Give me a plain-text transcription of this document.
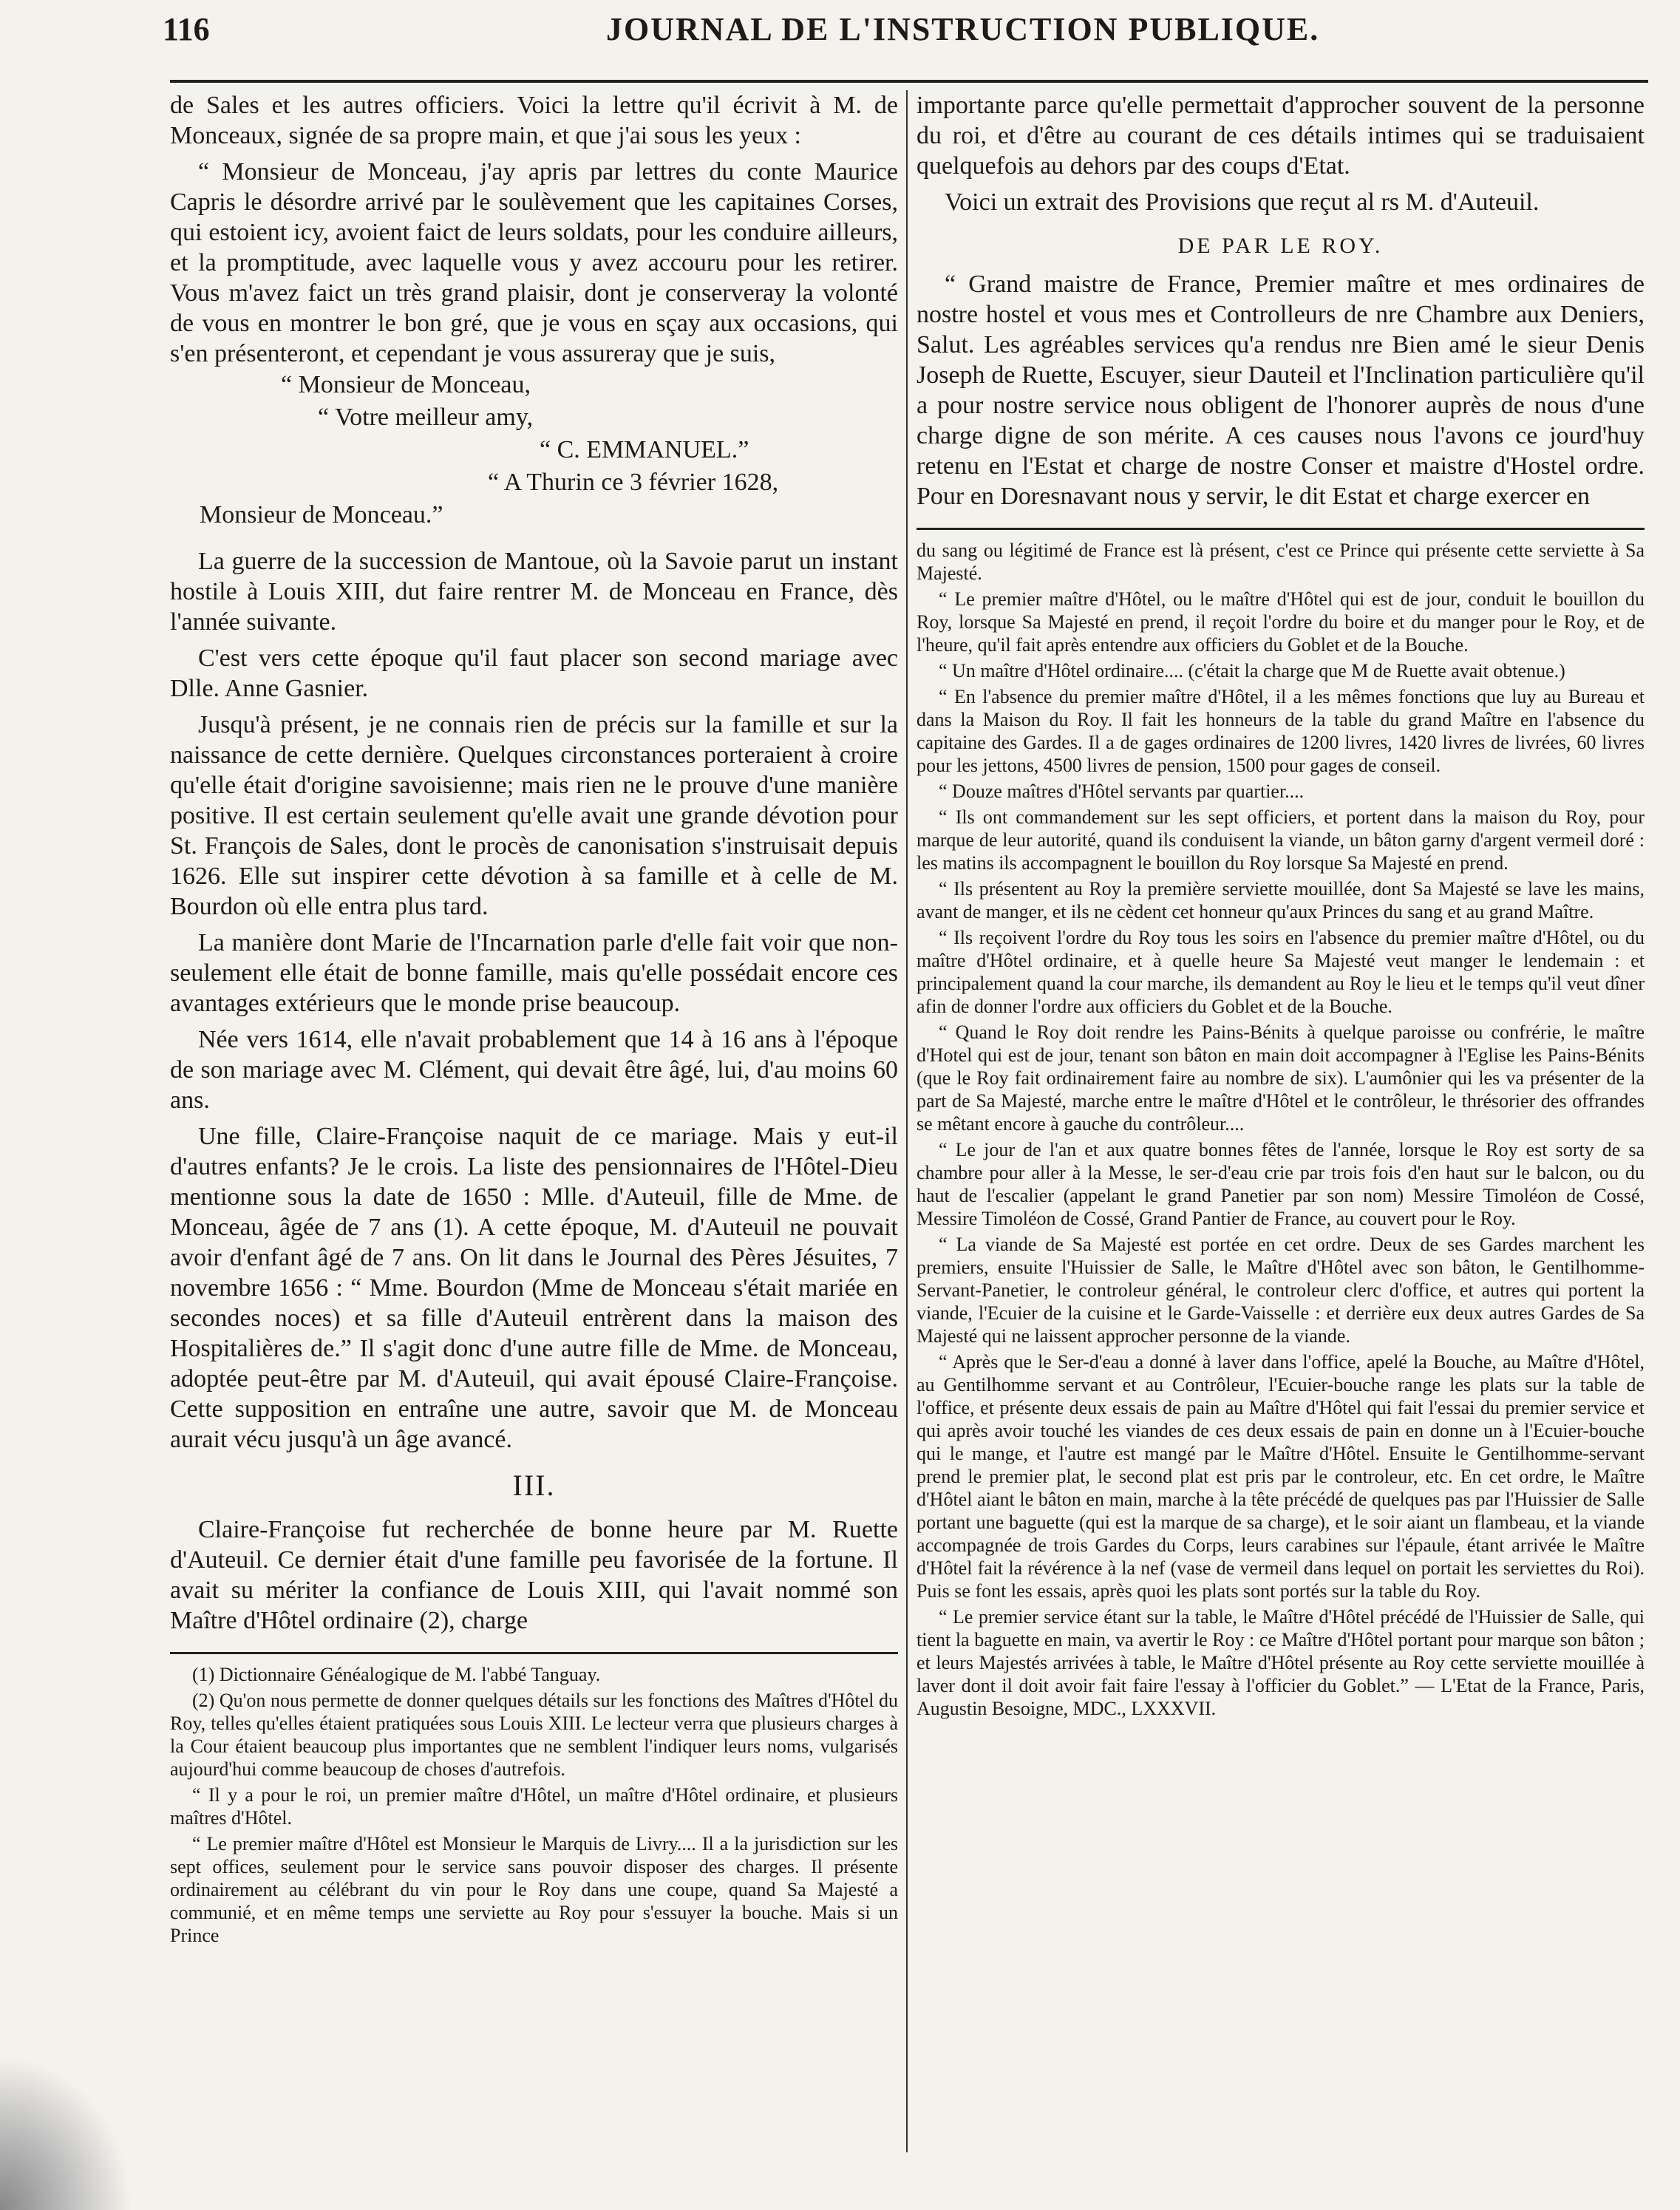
116	JOURNAL DE L'INSTRUCTION PUBLIQUE.

de Sales et les autres officiers. Voici la lettre qu'il écrivit à M. de Monceaux, signée de sa propre main, et que j'ai sous les yeux :

“ Monsieur de Monceau, j'ay apris par lettres du conte Maurice Capris le désordre arrivé par le soulèvement que les capitaines Corses, qui estoient icy, avoient faict de leurs soldats, pour les conduire ailleurs, et la promptitude, avec laquelle vous y avez accouru pour les retirer. Vous m'avez faict un très grand plaisir, dont je conserveray la volonté de vous en montrer le bon gré, que je vous en sçay aux occasions, qui s'en présenteront, et cependant je vous assureray que je suis,

“ Monsieur de Monceau,

“ Votre meilleur amy,

“ C. EMMANUEL.”

“ A Thurin ce 3 février 1628,

Monsieur de Monceau.”

La guerre de la succession de Mantoue, où la Savoie parut un instant hostile à Louis XIII, dut faire rentrer M. de Monceau en France, dès l'année suivante.

C'est vers cette époque qu'il faut placer son second mariage avec Dlle. Anne Gasnier.

Jusqu'à présent, je ne connais rien de précis sur la famille et sur la naissance de cette dernière. Quelques circonstances porteraient à croire qu'elle était d'origine savoisienne; mais rien ne le prouve d'une manière positive. Il est certain seulement qu'elle avait une grande dévotion pour St. François de Sales, dont le procès de canonisation s'instruisait depuis 1626. Elle sut inspirer cette dévotion à sa famille et à celle de M. Bourdon où elle entra plus tard.

La manière dont Marie de l'Incarnation parle d'elle fait voir que non-seulement elle était de bonne famille, mais qu'elle possédait encore ces avantages extérieurs que le monde prise beaucoup.

Née vers 1614, elle n'avait probablement que 14 à 16 ans à l'époque de son mariage avec M. Clément, qui devait être âgé, lui, d'au moins 60 ans.

Une fille, Claire-Françoise naquit de ce mariage. Mais y eut-il d'autres enfants? Je le crois. La liste des pensionnaires de l'Hôtel-Dieu mentionne sous la date de 1650 : Mlle. d'Auteuil, fille de Mme. de Monceau, âgée de 7 ans (1). A cette époque, M. d'Auteuil ne pouvait avoir d'enfant âgé de 7 ans. On lit dans le Journal des Pères Jésuites, 7 novembre 1656 : “ Mme. Bourdon (Mme de Monceau s'était mariée en secondes noces) et sa fille d'Auteuil entrèrent dans la maison des Hospitalières de.” Il s'agit donc d'une autre fille de Mme. de Monceau, adoptée peut-être par M. d'Auteuil, qui avait épousé Claire-Françoise. Cette supposition en entraîne une autre, savoir que M. de Monceau aurait vécu jusqu'à un âge avancé.

III.

Claire-Françoise fut recherchée de bonne heure par M. Ruette d'Auteuil. Ce dernier était d'une famille peu favorisée de la fortune. Il avait su mériter la confiance de Louis XIII, qui l'avait nommé son Maître d'Hôtel ordinaire (2), charge

(1) Dictionnaire Généalogique de M. l'abbé Tanguay.

(2) Qu'on nous permette de donner quelques détails sur les fonctions des Maîtres d'Hôtel du Roy, telles qu'elles étaient pratiquées sous Louis XIII. Le lecteur verra que plusieurs charges à la Cour étaient beaucoup plus importantes que ne semblent l'indiquer leurs noms, vulgarisés aujourd'hui comme beaucoup de choses d'autrefois.

“ Il y a pour le roi, un premier maître d'Hôtel, un maître d'Hôtel ordinaire, et plusieurs maîtres d'Hôtel.

“ Le premier maître d'Hôtel est Monsieur le Marquis de Livry.... Il a la jurisdiction sur les sept offices, seulement pour le service sans pouvoir disposer des charges. Il présente ordinairement au célébrant du vin pour le Roy dans une coupe, quand Sa Majesté a communié, et en même temps une serviette au Roy pour s'essuyer la bouche. Mais si un Prince

importante parce qu'elle permettait d'approcher souvent de la personne du roi, et d'être au courant de ces détails intimes qui se traduisaient quelquefois au dehors par des coups d'Etat.

Voici un extrait des Provisions que reçut al rs M. d'Auteuil.

DE PAR LE ROY.

“ Grand maistre de France, Premier maître et mes ordinaires de nostre hostel et vous mes et Controlleurs de nre Chambre aux Deniers, Salut. Les agréables services qu'a rendus nre Bien amé le sieur Denis Joseph de Ruette, Escuyer, sieur Dauteil et l'Inclination particulière qu'il a pour nostre service nous obligent de l'honorer auprès de nous d'une charge digne de son mérite. A ces causes nous l'avons ce jourd'huy retenu en l'Estat et charge de nostre Conser et maistre d'Hostel ordre. Pour en Doresnavant nous y servir, le dit Estat et charge exercer en

du sang ou légitimé de France est là présent, c'est ce Prince qui présente cette serviette à Sa Majesté.

“ Le premier maître d'Hôtel, ou le maître d'Hôtel qui est de jour, conduit le bouillon du Roy, lorsque Sa Majesté en prend, il reçoit l'ordre du boire et du manger pour le Roy, et de l'heure, qu'il fait après entendre aux officiers du Goblet et de la Bouche.

“ Un maître d'Hôtel ordinaire.... (c'était la charge que M de Ruette avait obtenue.)

“ En l'absence du premier maître d'Hôtel, il a les mêmes fonctions que luy au Bureau et dans la Maison du Roy. Il fait les honneurs de la table du grand Maître en l'absence du capitaine des Gardes. Il a de gages ordinaires de 1200 livres, 1420 livres de livrées, 60 livres pour les jettons, 4500 livres de pension, 1500 pour gages de conseil.

“ Douze maîtres d'Hôtel servants par quartier....

“ Ils ont commandement sur les sept officiers, et portent dans la maison du Roy, pour marque de leur autorité, quand ils conduisent la viande, un bâton garny d'argent vermeil doré : les matins ils accompagnent le bouillon du Roy lorsque Sa Majesté en prend.

“ Ils présentent au Roy la première serviette mouillée, dont Sa Majesté se lave les mains, avant de manger, et ils ne cèdent cet honneur qu'aux Princes du sang et au grand Maître.

“ Ils reçoivent l'ordre du Roy tous les soirs en l'absence du premier maître d'Hôtel, ou du maître d'Hôtel ordinaire, et à quelle heure Sa Majesté veut manger le lendemain : et principalement quand la cour marche, ils demandent au Roy le lieu et le temps qu'il veut dîner afin de donner l'ordre aux officiers du Goblet et de la Bouche.

“ Quand le Roy doit rendre les Pains-Bénits à quelque paroisse ou confrérie, le maître d'Hotel qui est de jour, tenant son bâton en main doit accompagner à l'Eglise les Pains-Bénits (que le Roy fait ordinairement faire au nombre de six). L'aumônier qui les va présenter de la part de Sa Majesté, marche entre le maître d'Hôtel et le contrôleur, le thrésorier des offrandes se mêtant encore à gauche du contrôleur....

“ Le jour de l'an et aux quatre bonnes fêtes de l'année, lorsque le Roy est sorty de sa chambre pour aller à la Messe, le ser-d'eau crie par trois fois d'en haut sur le balcon, ou du haut de l'escalier (appelant le grand Panetier par son nom) Messire Timoléon de Cossé, Messire Timoléon de Cossé, Grand Pantier de France, au couvert pour le Roy.

“ La viande de Sa Majesté est portée en cet ordre. Deux de ses Gardes marchent les premiers, ensuite l'Huissier de Salle, le Maître d'Hôtel avec son bâton, le Gentilhomme-Servant-Panetier, le controleur général, le controleur clerc d'office, et autres qui portent la viande, l'Ecuier de la cuisine et le Garde-Vaisselle : et derrière eux deux autres Gardes de Sa Majesté qui ne laissent approcher personne de la viande.

“ Après que le Ser-d'eau a donné à laver dans l'office, apelé la Bouche, au Maître d'Hôtel, au Gentilhomme servant et au Contrôleur, l'Ecuier-bouche range les plats sur la table de l'office, et présente deux essais de pain au Maître d'Hôtel qui fait l'essai du premier service et qui après avoir touché les viandes de ces deux essais de pain en donne un à l'Ecuier-bouche qui le mange, et l'autre est mangé par le Maître d'Hôtel. Ensuite le Gentilhomme-servant prend le premier plat, le second plat est pris par le controleur, etc. En cet ordre, le Maître d'Hôtel aiant le bâton en main, marche à la tête précédé de quelques pas par l'Huissier de Salle portant une baguette (qui est la marque de sa charge), et le soir aiant un flambeau, et la viande accompagnée de trois Gardes du Corps, leurs carabines sur l'épaule, étant arrivée le Maître d'Hôtel fait la révérence à la nef (vase de vermeil dans lequel on portait les serviettes du Roi). Puis se font les essais, après quoi les plats sont portés sur la table du Roy.

“ Le premier service étant sur la table, le Maître d'Hôtel précédé de l'Huissier de Salle, qui tient la baguette en main, va avertir le Roy : ce Maître d'Hôtel portant pour marque son bâton ; et leurs Majestés arrivées à table, le Maître d'Hôtel présente au Roy cette serviette mouillée à laver dont il doit avoir fait faire l'essay à l'officier du Goblet.” — L'Etat de la France, Paris, Augustin Besoigne, MDC., LXXXVII.
